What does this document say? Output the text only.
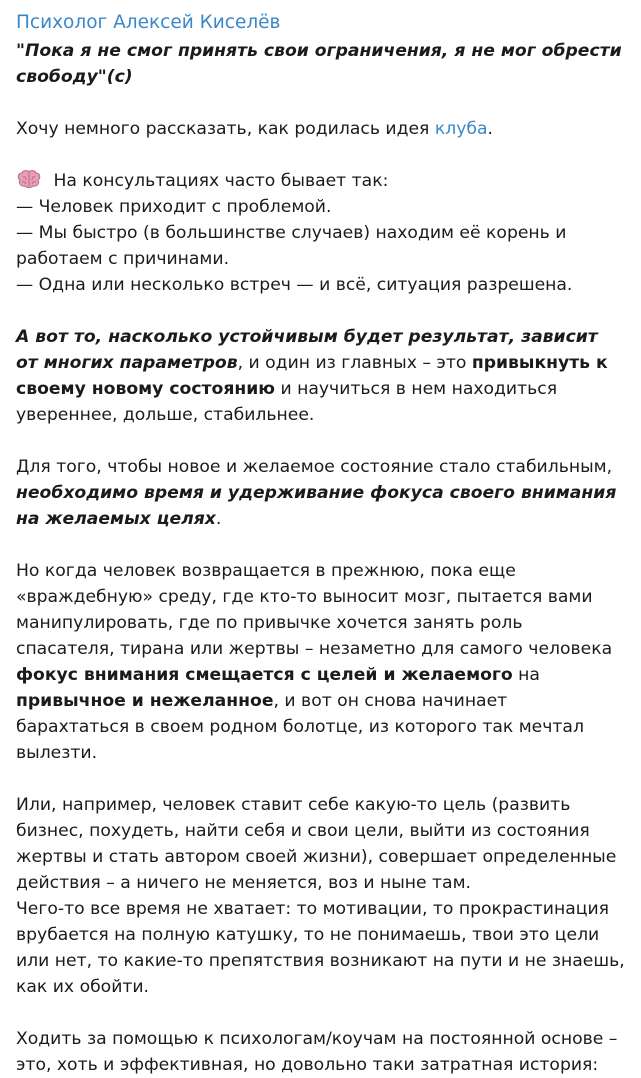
Психолог Алексей Киселёв

"Пока я не смог принять свои ограничения, я не мог обрести свободу"(с)

Хочу немного рассказать, как родилась идея клуба.

На консультациях часто бывает так:

— Человек приходит с проблемой.

— Мы быстро (в большинстве случаев) находим её корень и работаем с причинами.

— Одна или несколько встреч — и всё, ситуация разрешена.

А вот то, насколько устойчивым будет результат, зависит от многих параметров, и один из главных – это привыкнуть к своему новому состоянию и научиться в нем находиться увереннее, дольше, стабильнее.

Для того, чтобы новое и желаемое состояние стало стабильным, необходимо время и удерживание фокуса своего внимания на желаемых целях.

Но когда человек возвращается в прежнюю, пока еще «враждебную» среду, где кто-то выносит мозг, пытается вами манипулировать, где по привычке хочется занять роль спасателя, тирана или жертвы – незаметно для самого человека фокус внимания смещается с целей и желаемого на привычное и нежеланное, и вот он снова начинает барахтаться в своем родном болотце, из которого так мечтал вылезти.

Или, например, человек ставит себе какую-то цель (развить бизнес, похудеть, найти себя и свои цели, выйти из состояния жертвы и стать автором своей жизни), совершает определенные действия – а ничего не меняется, воз и ныне там.

Чего-то все время не хватает: то мотивации, то прокрастинация врубается на полную катушку, то не понимаешь, твои это цели или нет, то какие-то препятствия возникают на пути и не знаешь, как их обойти.

Ходить за помощью к психологам/коучам на постоянной основе – это, хоть и эффективная, но довольно таки затратная история:
